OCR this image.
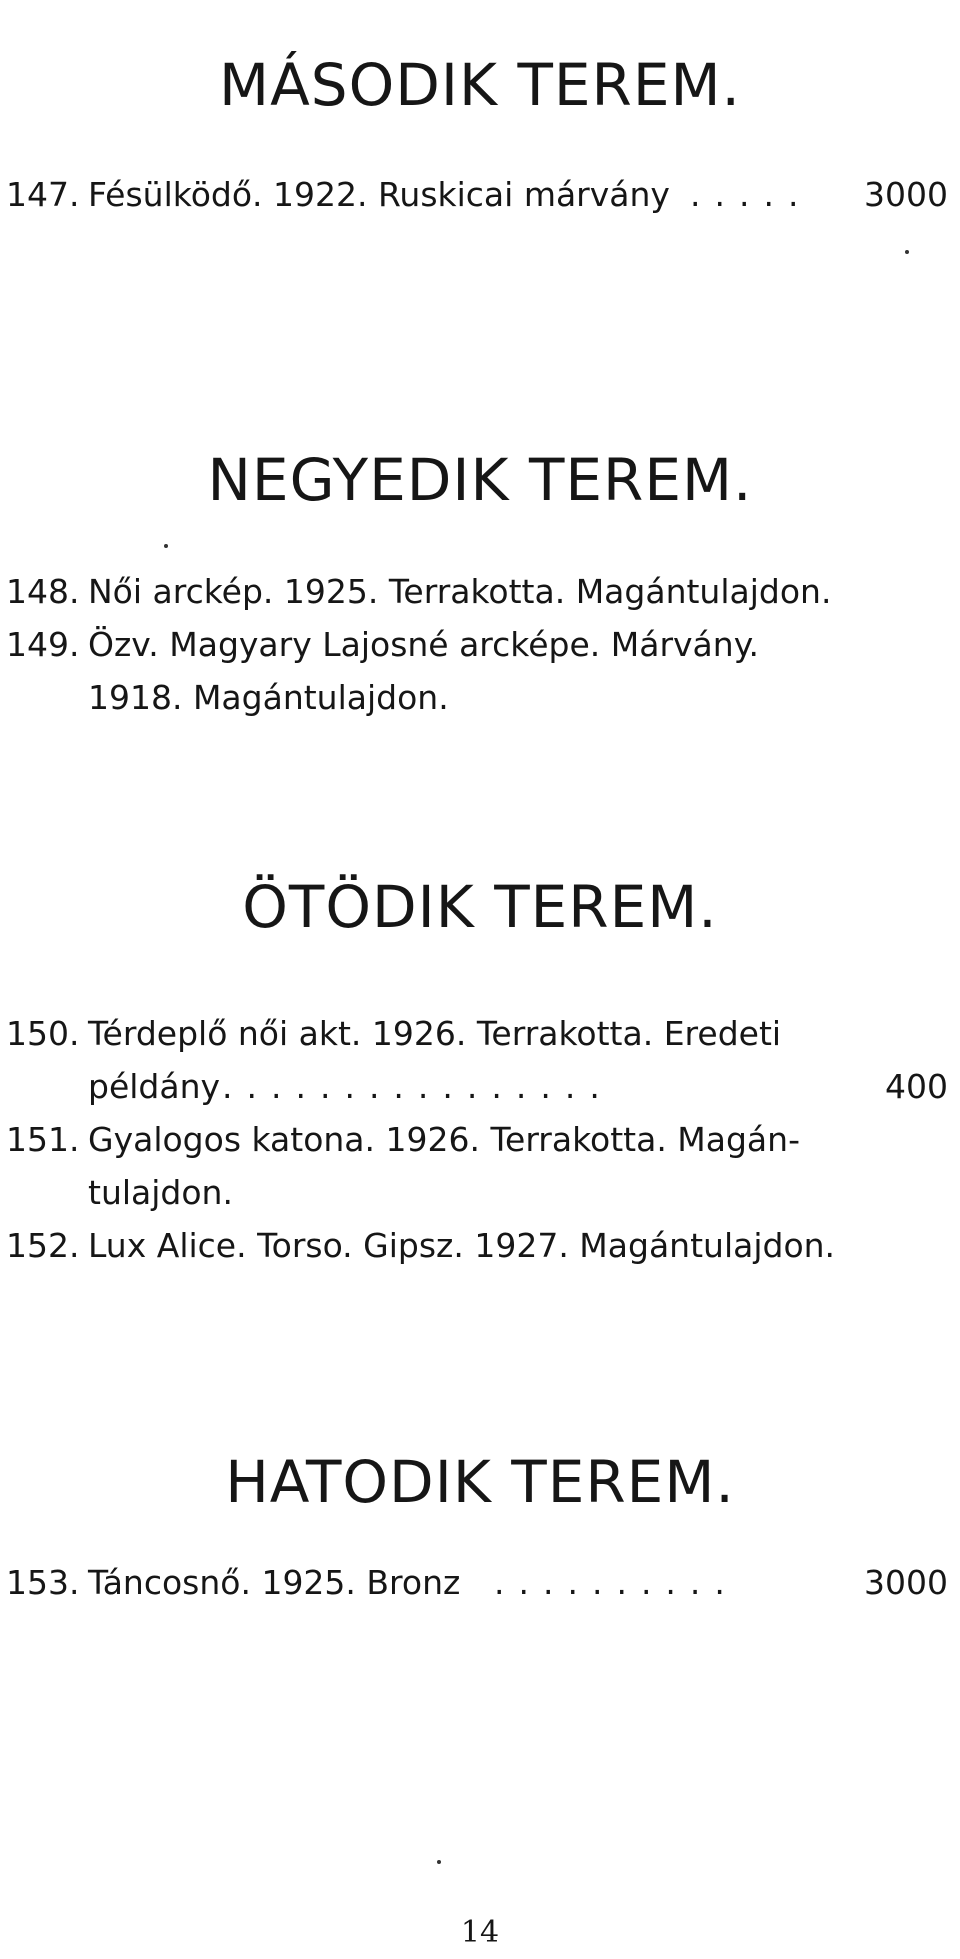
MÁSODIK TEREM.
147. Fésülködő. 1922. Ruskicai márvány ..... 3000
NEGYEDIK TEREM.
148. Női arckép. 1925. Terrakotta. Magántulajdon.
149. Özv. Magyary Lajosné arcképe. Márvány.
1918. Magántulajdon.
ÖTÖDIK TEREM.
150. Térdeplő női akt. 1926. Terrakotta. Eredeti
példány ................	400
151. Gyalogos katona. 1926. Terrakotta. Magán-
tulajdon.
152. Lux Alice. Torso. Gipsz. 1927. Magántulajdon.
HATODIK TEREM.
153. Táncosnő. 1925. Bronz ..........	3000
14
